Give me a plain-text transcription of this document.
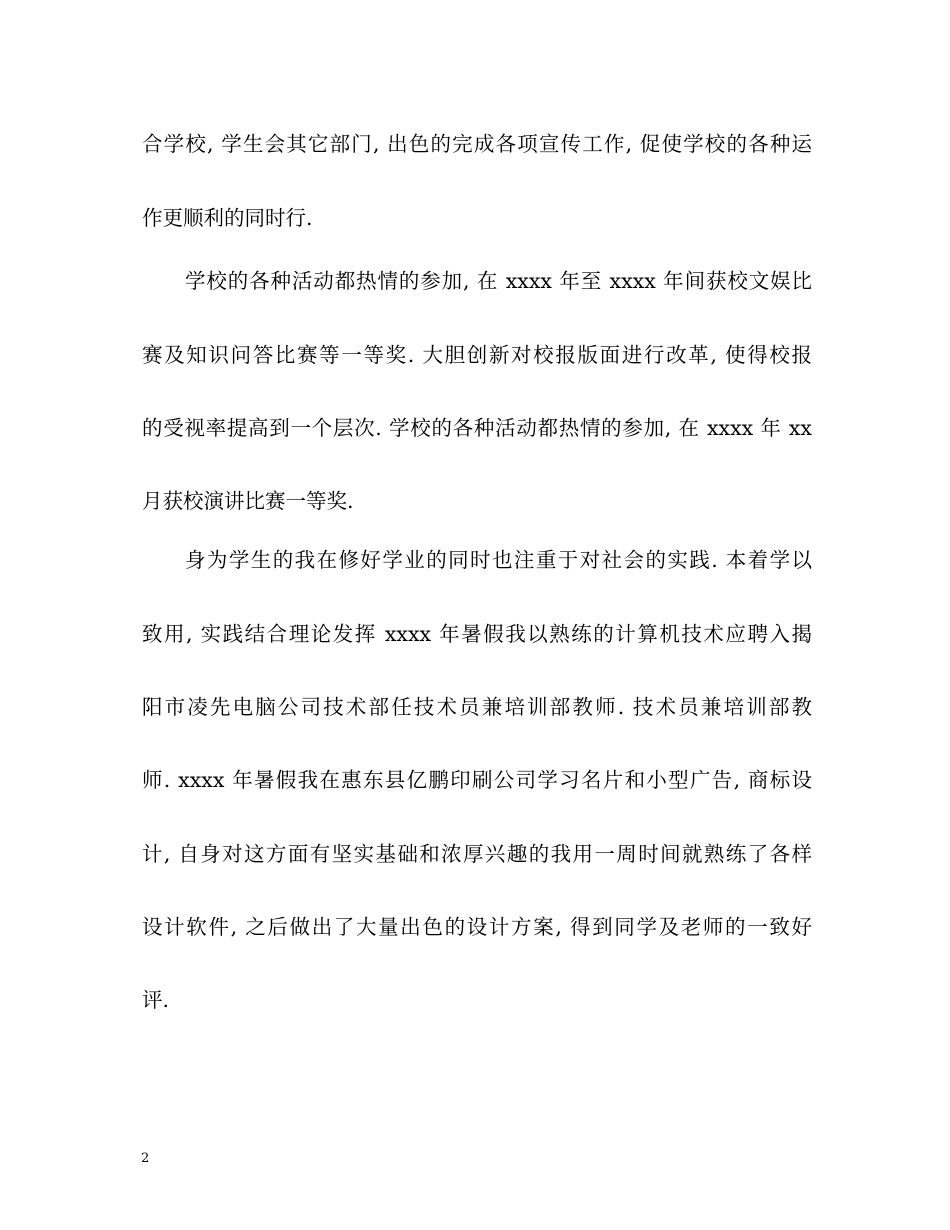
合学校, 学生会其它部门, 出色的完成各项宣传工作, 促使学校的各种运
作更顺利的同时行.
学校的各种活动都热情的参加, 在 xxxx 年至 xxxx 年间获校文娱比
赛及知识问答比赛等一等奖. 大胆创新对校报版面进行改革, 使得校报
的受视率提高到一个层次. 学校的各种活动都热情的参加, 在 xxxx 年 xx
月获校演讲比赛一等奖.
身为学生的我在修好学业的同时也注重于对社会的实践. 本着学以
致用, 实践结合理论发挥 xxxx 年暑假我以熟练的计算机技术应聘入揭
阳市凌先电脑公司技术部任技术员兼培训部教师. 技术员兼培训部教
师. xxxx 年暑假我在惠东县亿鹏印刷公司学习名片和小型广告, 商标设
计, 自身对这方面有坚实基础和浓厚兴趣的我用一周时间就熟练了各样
设计软件, 之后做出了大量出色的设计方案, 得到同学及老师的一致好
评.
2
